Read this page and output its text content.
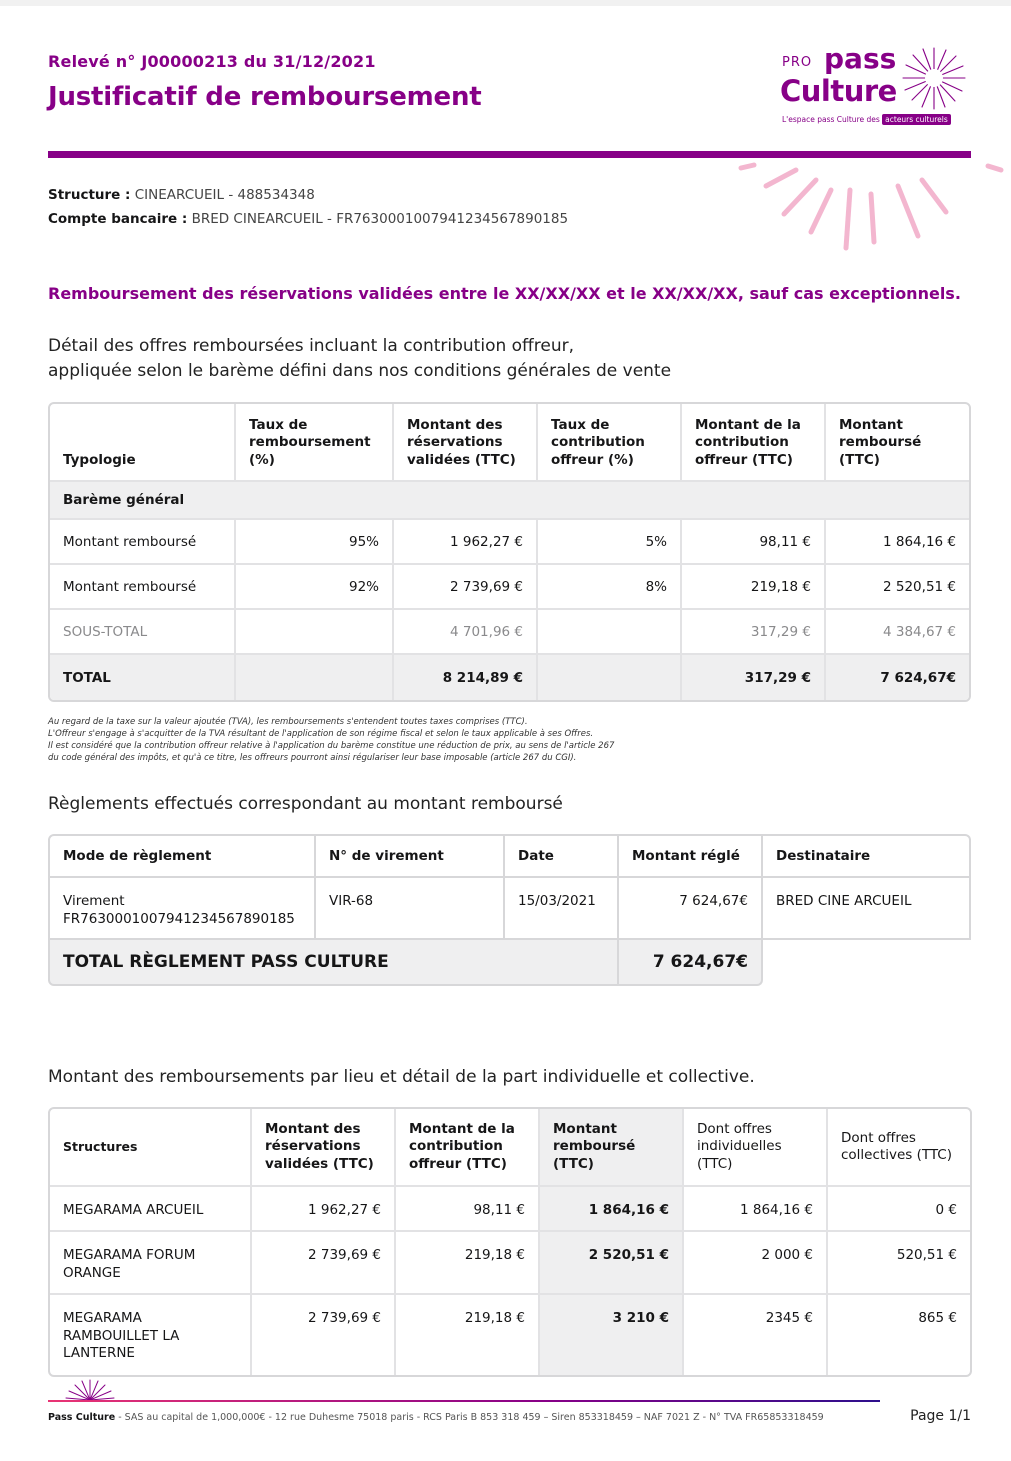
Relevé n° J00000213 du 31/12/2021
Justificatif de remboursement
PRO pass
Culture
L'espace pass Culture des acteurs culturels
Structure : CINEARCUEIL - 488534348
Compte bancaire : BRED CINEARCUEIL - FR7630001007941234567890185
Remboursement des réservations validées entre le XX/XX/XX et le XX/XX/XX, sauf cas exceptionnels.
Détail des offres remboursées incluant la contribution offreur,
appliquée selon le barème défini dans nos conditions générales de vente
Typologie	Taux de remboursement (%)	Montant des réservations validées (TTC)	Taux de contribution offreur (%)	Montant de la contribution offreur (TTC)	Montant remboursé (TTC)
Barème général					
Montant remboursé	95%	1 962,27 €	5%	98,11 €	1 864,16 €
Montant remboursé	92%	2 739,69 €	8%	219,18 €	2 520,51 €
SOUS-TOTAL		4 701,96 €		317,29 €	4 384,67 €
TOTAL		8 214,89 €		317,29 €	7 624,67€
Au regard de la taxe sur la valeur ajoutée (TVA), les remboursements s'entendent toutes taxes comprises (TTC).
L'Offreur s'engage à s'acquitter de la TVA résultant de l'application de son régime fiscal et selon le taux applicable à ses Offres.
Il est considéré que la contribution offreur relative à l'application du barème constitue une réduction de prix, au sens de l'article 267
du code général des impôts, et qu'à ce titre, les offreurs pourront ainsi régulariser leur base imposable (article 267 du CGI).
Règlements effectués correspondant au montant remboursé
Mode de règlement	N° de virement	Date	Montant réglé	Destinataire

Virement
FR7630001007941234567890185	VIR-68	15/03/2021	7 624,67€	BRED CINE ARCUEIL
TOTAL RÈGLEMENT PASS CULTURE			7 624,67€	
Montant des remboursements par lieu et détail de la part individuelle et collective.
Structures	Montant des réservations validées (TTC)	Montant de la contribution offreur (TTC)	Montant remboursé (TTC)	Dont offres individuelles (TTC)	Dont offres collectives (TTC)
MEGARAMA ARCUEIL	1 962,27 €	98,11 €	1 864,16 €	1 864,16 €	0 €
MEGARAMA FORUM ORANGE	2 739,69 €	219,18 €	2 520,51 €	2 000 €	520,51 €
MEGARAMA RAMBOUILLET LA LANTERNE	2 739,69 €	219,18 €	3 210 €	2345 €	865 €
Pass Culture - SAS au capital de 1,000,000€ - 12 rue Duhesme 75018 paris - RCS Paris B 853 318 459 – Siren 853318459 – NAF 7021 Z - N° TVA FR65853318459	Page 1/1
